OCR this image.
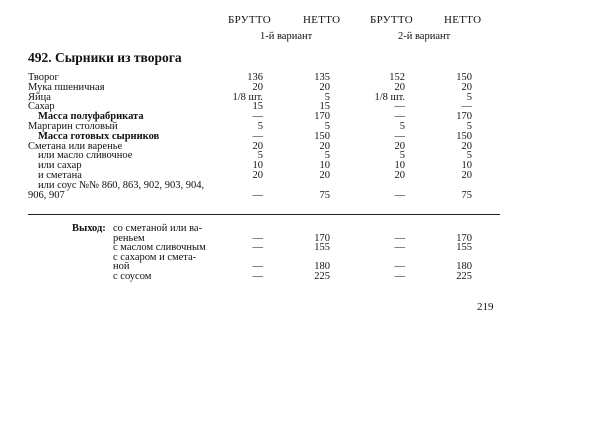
БРУТТО	НЕТТО	БРУТТО	НЕТТО
1-й вариант	2-й вариант
492. Сырники из творога
Творог	136	135	152	150
Мука пшеничная	20	20	20	20
Яйца	1/8 шт.	5	1/8 шт.	5
Сахар	15	15	—	—
Масса полуфабриката	—	170	—	170
Маргарин столовый	5	5	5	5
Масса готовых сырников	—	150	—	150
Сметана или варенье	20	20	20	20
или масло сливочное	5	5	5	5
или сахар	10	10	10	10
и сметана	20	20	20	20
или соус №№ 860, 863, 902, 903, 904,
906, 907	—	75	—	75
Выход: со сметаной или ва-
реньем	—	170	—	170
с маслом сливочным	—	155	—	155
с сахаром и смета-
ной	—	180	—	180
с соусом	—	225	—	225
219
